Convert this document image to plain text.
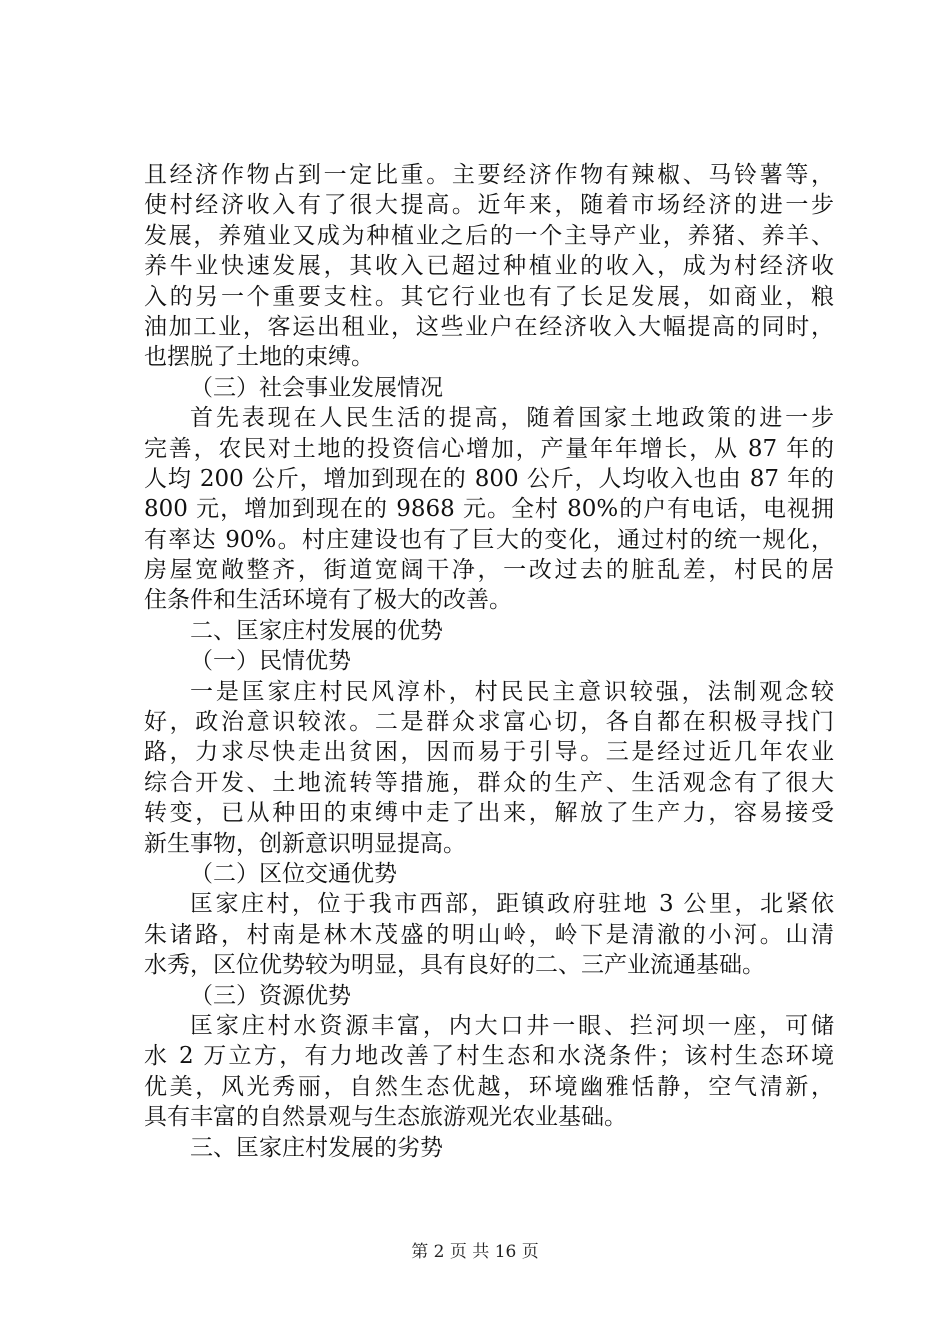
且经济作物占到一定比重。主要经济作物有辣椒、马铃薯等，
使村经济收入有了很大提高。近年来，随着市场经济的进一步
发展，养殖业又成为种植业之后的一个主导产业，养猪、养羊、
养牛业快速发展，其收入已超过种植业的收入，成为村经济收
入的另一个重要支柱。其它行业也有了长足发展，如商业，粮
油加工业，客运出租业，这些业户在经济收入大幅提高的同时，
也摆脱了土地的束缚。
（三）社会事业发展情况
首先表现在人民生活的提高，随着国家土地政策的进一步
完善，农民对土地的投资信心增加，产量年年增长，从 87 年的
人均 200 公斤，增加到现在的 800 公斤，人均收入也由 87 年的
800 元，增加到现在的 9868 元。全村 80%的户有电话，电视拥
有率达 90%。村庄建设也有了巨大的变化，通过村的统一规化，
房屋宽敞整齐，街道宽阔干净，一改过去的脏乱差，村民的居
住条件和生活环境有了极大的改善。
二、匡家庄村发展的优势
（一）民情优势
一是匡家庄村民风淳朴，村民民主意识较强，法制观念较
好，政治意识较浓。二是群众求富心切，各自都在积极寻找门
路，力求尽快走出贫困，因而易于引导。三是经过近几年农业
综合开发、土地流转等措施，群众的生产、生活观念有了很大
转变，已从种田的束缚中走了出来，解放了生产力，容易接受
新生事物，创新意识明显提高。
（二）区位交通优势
匡家庄村，位于我市西部，距镇政府驻地 3 公里，北紧依
朱诸路，村南是林木茂盛的明山岭，岭下是清澈的小河。山清
水秀，区位优势较为明显，具有良好的二、三产业流通基础。
（三）资源优势
匡家庄村水资源丰富，内大口井一眼、拦河坝一座，可储
水 2 万立方，有力地改善了村生态和水浇条件；该村生态环境
优美，风光秀丽，自然生态优越，环境幽雅恬静，空气清新，
具有丰富的自然景观与生态旅游观光农业基础。
三、匡家庄村发展的劣势
第 2 页 共 16 页
